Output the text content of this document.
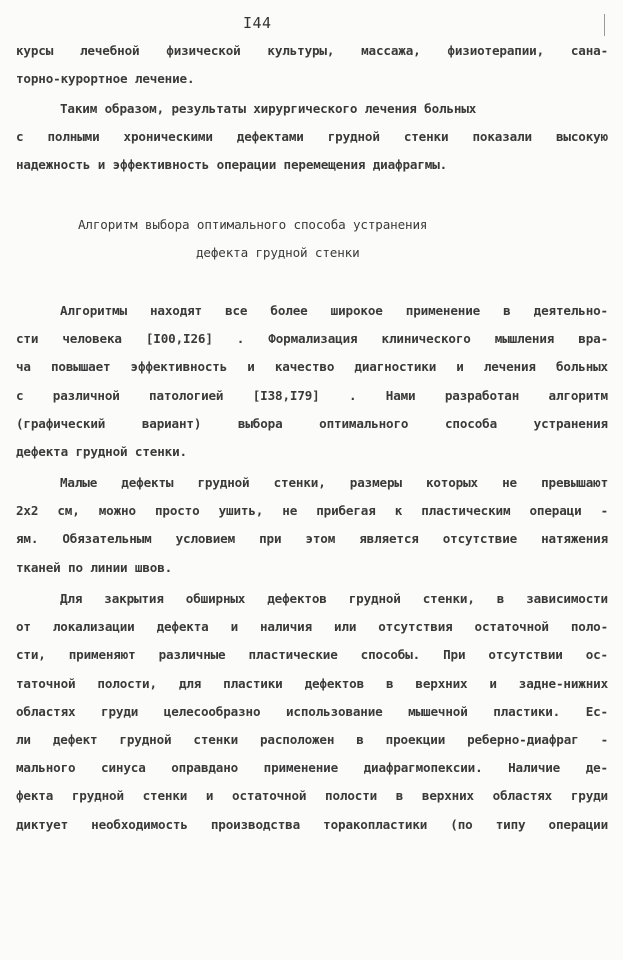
I44
курсы лечебной физической культуры, массажа, физиотерапии, сана-
торно-курортное лечение.
Таким образом, результаты хирургического лечения больных
с полными хроническими дефектами грудной стенки показали высокую
надежность и эффективность операции перемещения диафрагмы.
Алгоритм выбора оптимального способа устранения
дефекта грудной стенки
Алгоритмы находят все более широкое применение в деятельно-
сти человека [I00,I26] . Формализация клинического мышления вра-
ча повышает эффективность и качество диагностики и лечения больных
с различной патологией [I38,I79] . Нами разработан алгоритм
(графический вариант) выбора оптимального способа устранения
дефекта грудной стенки.
Малые дефекты грудной стенки, размеры которых не превышают
2х2 см, можно просто ушить, не прибегая к пластическим операци -
ям. Обязательным условием при этом является отсутствие натяжения
тканей по линии швов.
Для закрытия обширных дефектов грудной стенки, в зависимости
от локализации дефекта и наличия или отсутствия остаточной поло-
сти, применяют различные пластические способы. При отсутствии ос-
таточной полости, для пластики дефектов в верхних и задне-нижних
областях груди целесообразно использование мышечной пластики. Ес-
ли дефект грудной стенки расположен в проекции реберно-диафраг -
мального синуса оправдано применение диафрагмопексии. Наличие де-
фекта грудной стенки и остаточной полости в верхних областях груди
диктует необходимость производства торакопластики (по типу операции
